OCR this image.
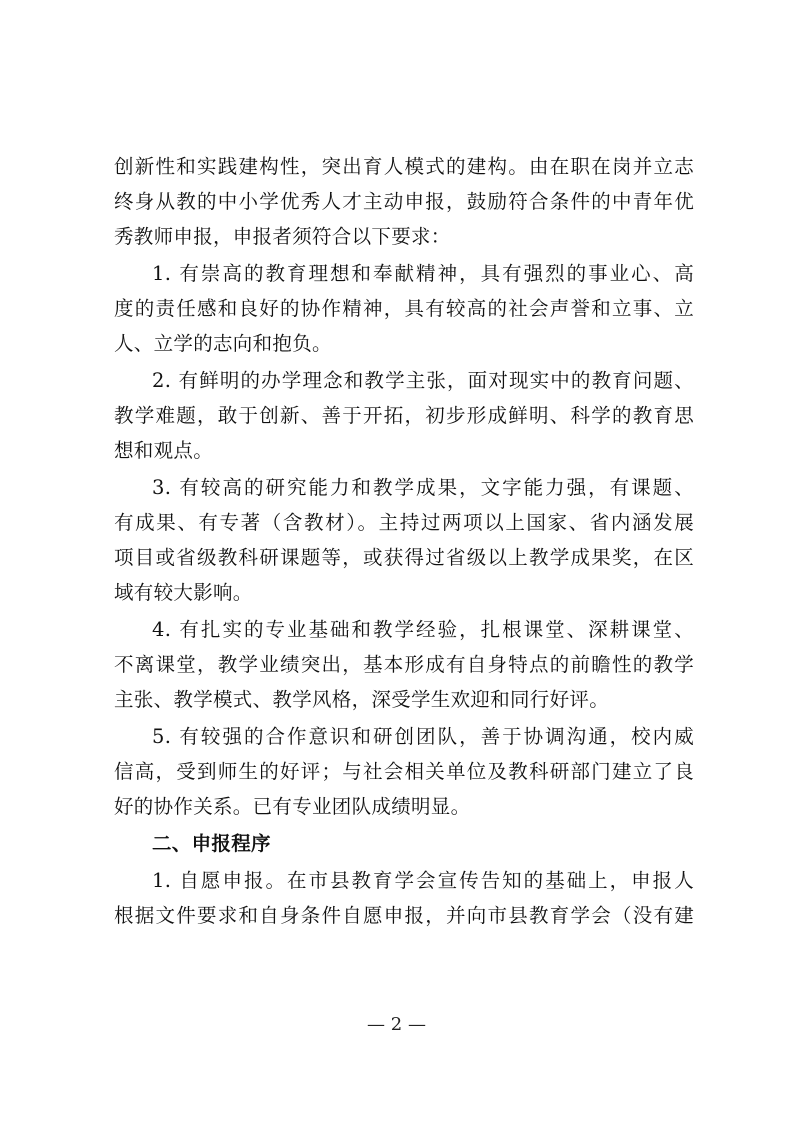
创新性和实践建构性，突出育人模式的建构。由在职在岗并立志
终身从教的中小学优秀人才主动申报，鼓励符合条件的中青年优
秀教师申报，申报者须符合以下要求：
1. 有崇高的教育理想和奉献精神，具有强烈的事业心、高
度的责任感和良好的协作精神，具有较高的社会声誉和立事、立
人、立学的志向和抱负。
2. 有鲜明的办学理念和教学主张，面对现实中的教育问题、
教学难题，敢于创新、善于开拓，初步形成鲜明、科学的教育思
想和观点。
3. 有较高的研究能力和教学成果，文字能力强，有课题、
有成果、有专著（含教材）。主持过两项以上国家、省内涵发展
项目或省级教科研课题等，或获得过省级以上教学成果奖，在区
域有较大影响。
4. 有扎实的专业基础和教学经验，扎根课堂、深耕课堂、
不离课堂，教学业绩突出，基本形成有自身特点的前瞻性的教学
主张、教学模式、教学风格，深受学生欢迎和同行好评。
5. 有较强的合作意识和研创团队，善于协调沟通，校内威
信高，受到师生的好评；与社会相关单位及教科研部门建立了良
好的协作关系。已有专业团队成绩明显。
二、申报程序
1. 自愿申报。在市县教育学会宣传告知的基础上，申报人
根据文件要求和自身条件自愿申报，并向市县教育学会（没有建
— 2 —
